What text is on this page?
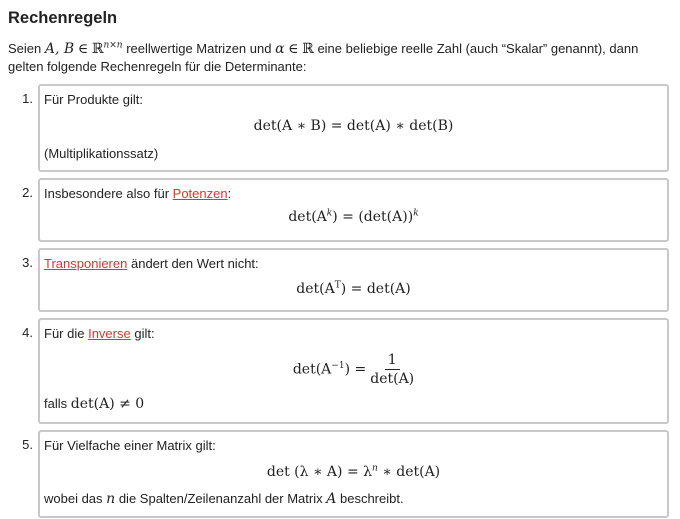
Rechenregeln

Seien A, B ∈ ℝ$^{n\times n}$ reellwertige Matrizen und α ∈ ℝ eine beliebige reelle Zahl (auch “Skalar” genannt), dann gelten folgende Rechenregeln für die Determinante:

1. Für Produkte gilt:
det(A ∗ B) = det(A) ∗ det(B)
(Multiplikationssatz)
2. Insbesondere also für Potenzen:
$\det(A^k) = (\det(A))^k$
3. Transponieren ändert den Wert nicht:
$\det(A^T) = \det(A)$
4. Für die Inverse gilt:
$\det(A^{-1}) = \frac{1}{\det(A)}$
falls det(A) ≠ 0
5. Für Vielfache einer Matrix gilt:
det (λ ∗ $A) = \lambda^n$ ∗ det(A)
wobei das n die Spalten/Zeilenanzahl der Matrix A beschreibt.
